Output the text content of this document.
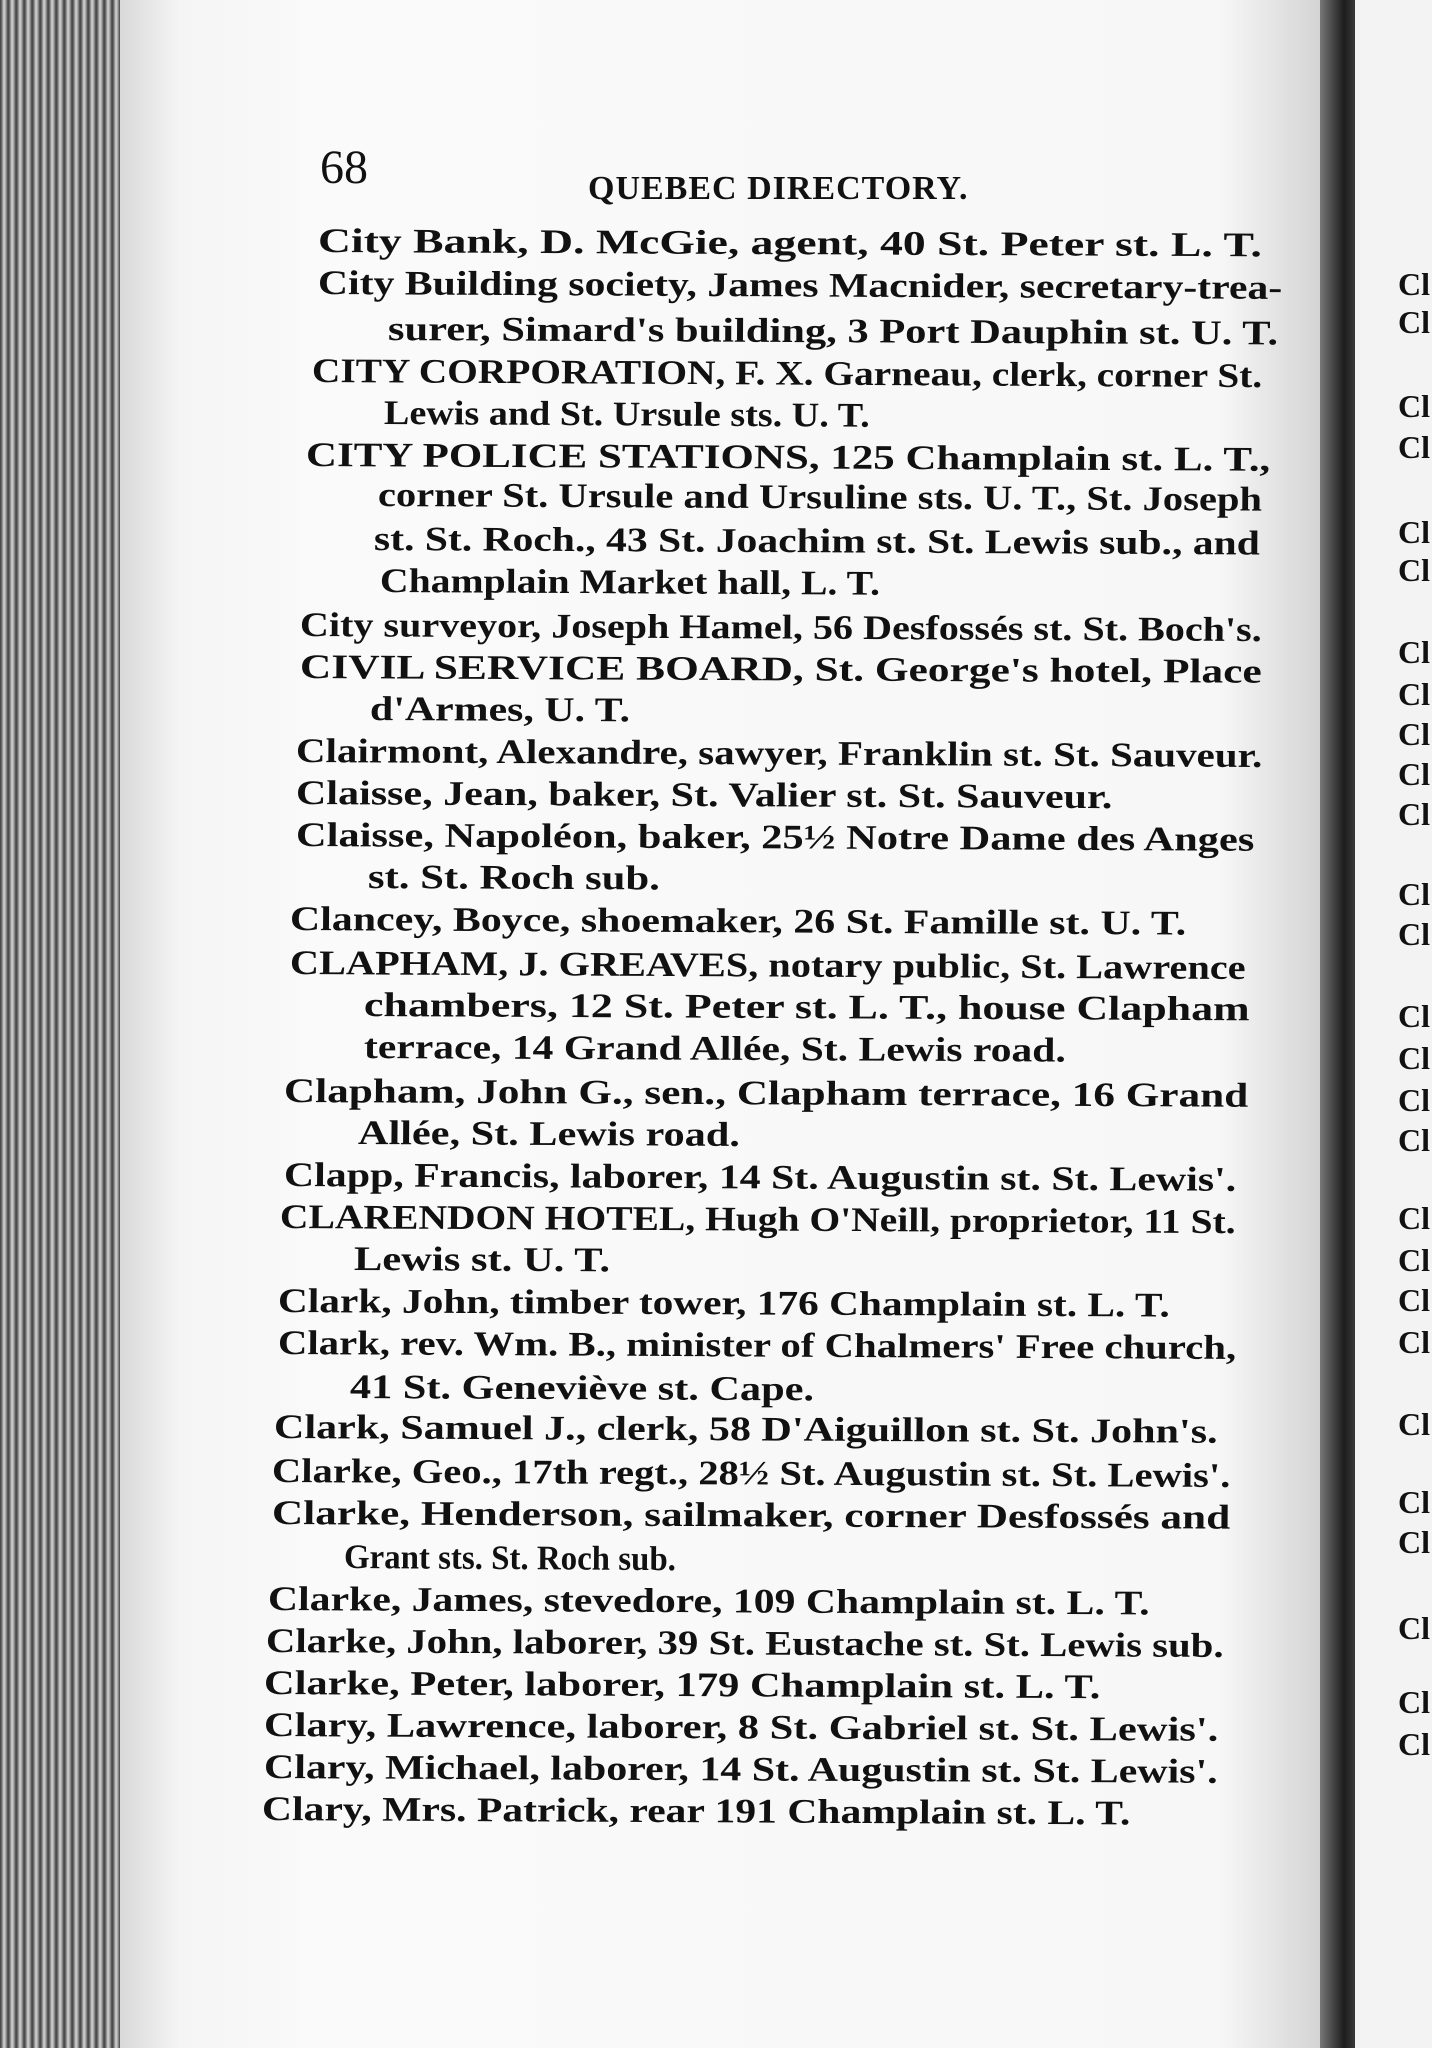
68	QUEBEC DIRECTORY.
City Bank, D. McGie, agent, 40 St. Peter st. L. T.
City Building society, James Macnider, secretary-trea-
surer, Simard's building, 3 Port Dauphin st. U. T.
CITY CORPORATION, F. X. Garneau, clerk, corner St.
Lewis and St. Ursule sts. U. T.
CITY POLICE STATIONS, 125 Champlain st. L. T.,
corner St. Ursule and Ursuline sts. U. T., St. Joseph
st. St. Roch., 43 St. Joachim st. St. Lewis sub., and
Champlain Market hall, L. T.
City surveyor, Joseph Hamel, 56 Desfossés st. St. Boch's.
CIVIL SERVICE BOARD, St. George's hotel, Place
d'Armes, U. T.
Clairmont, Alexandre, sawyer, Franklin st. St. Sauveur.
Claisse, Jean, baker, St. Valier st. St. Sauveur.
Claisse, Napoléon, baker, 25½ Notre Dame des Anges
st. St. Roch sub.
Clancey, Boyce, shoemaker, 26 St. Famille st. U. T.
CLAPHAM, J. GREAVES, notary public, St. Lawrence
chambers, 12 St. Peter st. L. T., house Clapham
terrace, 14 Grand Allée, St. Lewis road.
Clapham, John G., sen., Clapham terrace, 16 Grand
Allée, St. Lewis road.
Clapp, Francis, laborer, 14 St. Augustin st. St. Lewis'.
CLARENDON HOTEL, Hugh O'Neill, proprietor, 11 St.
Lewis st. U. T.
Clark, John, timber tower, 176 Champlain st. L. T.
Clark, rev. Wm. B., minister of Chalmers' Free church,
41 St. Geneviève st. Cape.
Clark, Samuel J., clerk, 58 D'Aiguillon st. St. John's.
Clarke, Geo., 17th regt., 28½ St. Augustin st. St. Lewis'.
Clarke, Henderson, sailmaker, corner Desfossés and
Grant sts. St. Roch sub.
Clarke, James, stevedore, 109 Champlain st. L. T.
Clarke, John, laborer, 39 St. Eustache st. St. Lewis sub.
Clarke, Peter, laborer, 179 Champlain st. L. T.
Clary, Lawrence, laborer, 8 St. Gabriel st. St. Lewis'.
Clary, Michael, laborer, 14 St. Augustin st. St. Lewis'.
Clary, Mrs. Patrick, rear 191 Champlain st. L. T.
Cl
Cl
Cl
Cl
Cl
Cl
Cl
Cl
Cl
Cl
Cl
Cl
Cl
Cl
Cl
Cl
Cl
Cl
Cl
Cl
Cl
Cl
Cl
Cl
Cl
Cl
Cl
